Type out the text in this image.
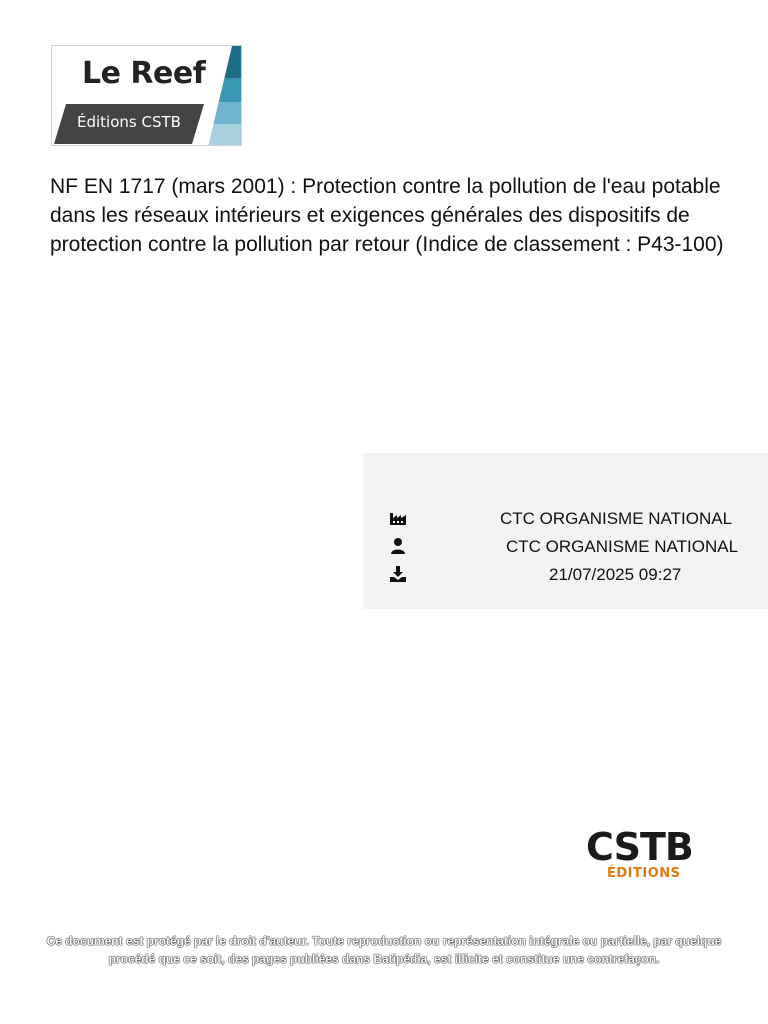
Le Reef
Éditions CSTB
NF EN 1717 (mars 2001) : Protection contre la pollution de l'eau potable dans les réseaux intérieurs et exigences générales des dispositifs de protection contre la pollution par retour (Indice de classement : P43-100)
CTC ORGANISME NATIONAL
CTC ORGANISME NATIONAL
21/07/2025 09:27
CSTB
ÉDITIONS
Ce document est protégé par le droit d'auteur. Toute reproduction ou représentation intégrale ou partielle, par quelque
procédé que ce soit, des pages publiées dans Batipédia, est illicite et constitue une contrefaçon.
